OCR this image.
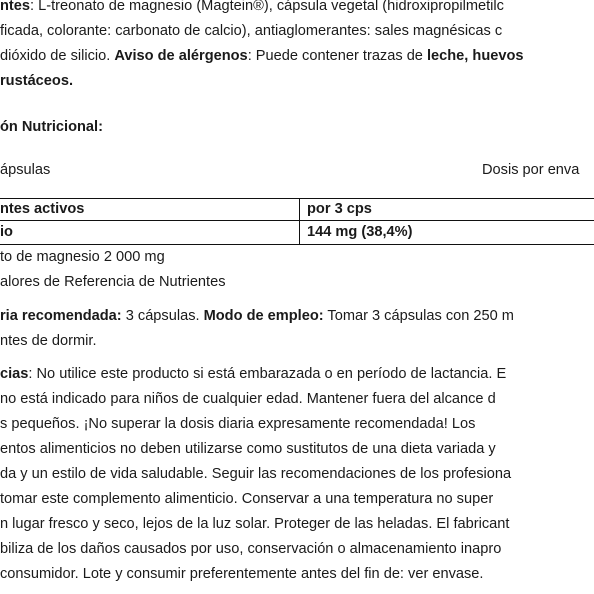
ntes: L-treonato de magnesio (Magtein®), cápsula vegetal (hidroxipropilmetilc
ficada, colorante: carbonato de calcio), antiaglomerantes: sales magnésicas c
dióxido de silicio. Aviso de alérgenos: Puede contener trazas de leche, huevos
rustáceos.
ón Nutricional:
ápsulas	Dosis por enva
ntes activos	por 3 cps
io	144 mg (38,4%)
to de magnesio 2 000 mg
alores de Referencia de Nutrientes
ria recomendada: 3 cápsulas. Modo de empleo: Tomar 3 cápsulas con 250 m
ntes de dormir.
cias: No utilice este producto si está embarazada o en período de lactancia. E
no está indicado para niños de cualquier edad. Mantener fuera del alcance d
s pequeños. ¡No superar la dosis diaria expresamente recomendada! Los
entos alimenticios no deben utilizarse como sustitutos de una dieta variada y
da y un estilo de vida saludable. Seguir las recomendaciones de los profesiona
tomar este complemento alimenticio. Conservar a una temperatura no super
n lugar fresco y seco, lejos de la luz solar. Proteger de las heladas. El fabricant
biliza de los daños causados por uso, conservación o almacenamiento inapro
consumidor. Lote y consumir preferentemente antes del fin de: ver envase.
